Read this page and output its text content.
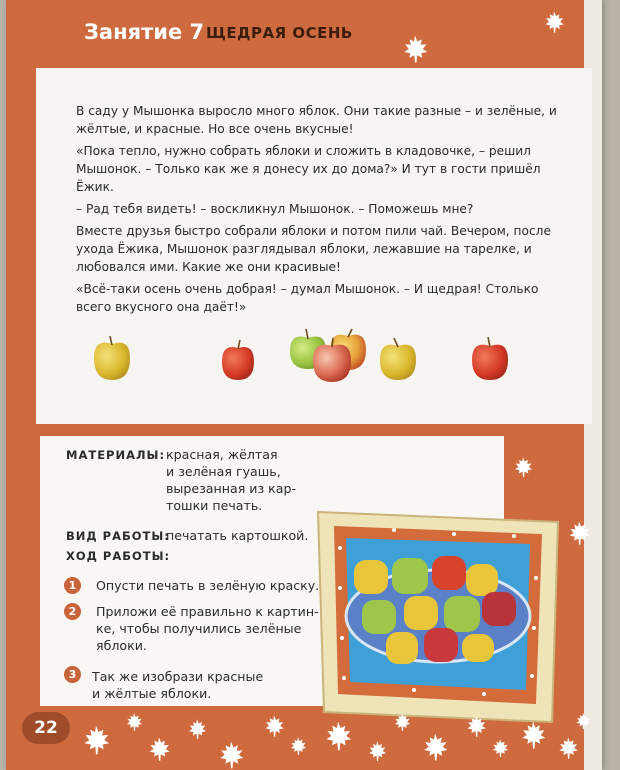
Занятие 7 ЩЕДРАЯ ОСЕНЬ

В саду у Мышонка выросло много яблок. Они такие разные – и зелёные, и жёлтые, и красные. Но все очень вкусные!

«Пока тепло, нужно собрать яблоки и сложить в кладовочке, – решил Мышонок. – Только как же я донесу их до дома?» И тут в гости пришёл Ёжик.

– Рад тебя видеть! – воскликнул Мышонок. – Поможешь мне?

Вместе друзья быстро собрали яблоки и потом пили чай. Вечером, после ухода Ёжика, Мышонок разглядывал яблоки, лежавшие на тарелке, и любовался ими. Какие же они красивые!

«Всё-таки осень очень добрая! – думал Мышонок. – И щедрая! Столько всего вкусного она даёт!»

МАТЕРИАЛЫ: красная, жёлтая
и зелёная гуашь,
вырезанная из кар-
тошки печать.
ВИД РАБОТЫ:
печатать картошкой.
ХОД РАБОТЫ:
1	Опусти печать в зелёную краску.
2	Приложи её правильно к картин-
ке, чтобы получились зелёные
яблоки.
3	Так же изобрази красные
и жёлтые яблоки.
22
